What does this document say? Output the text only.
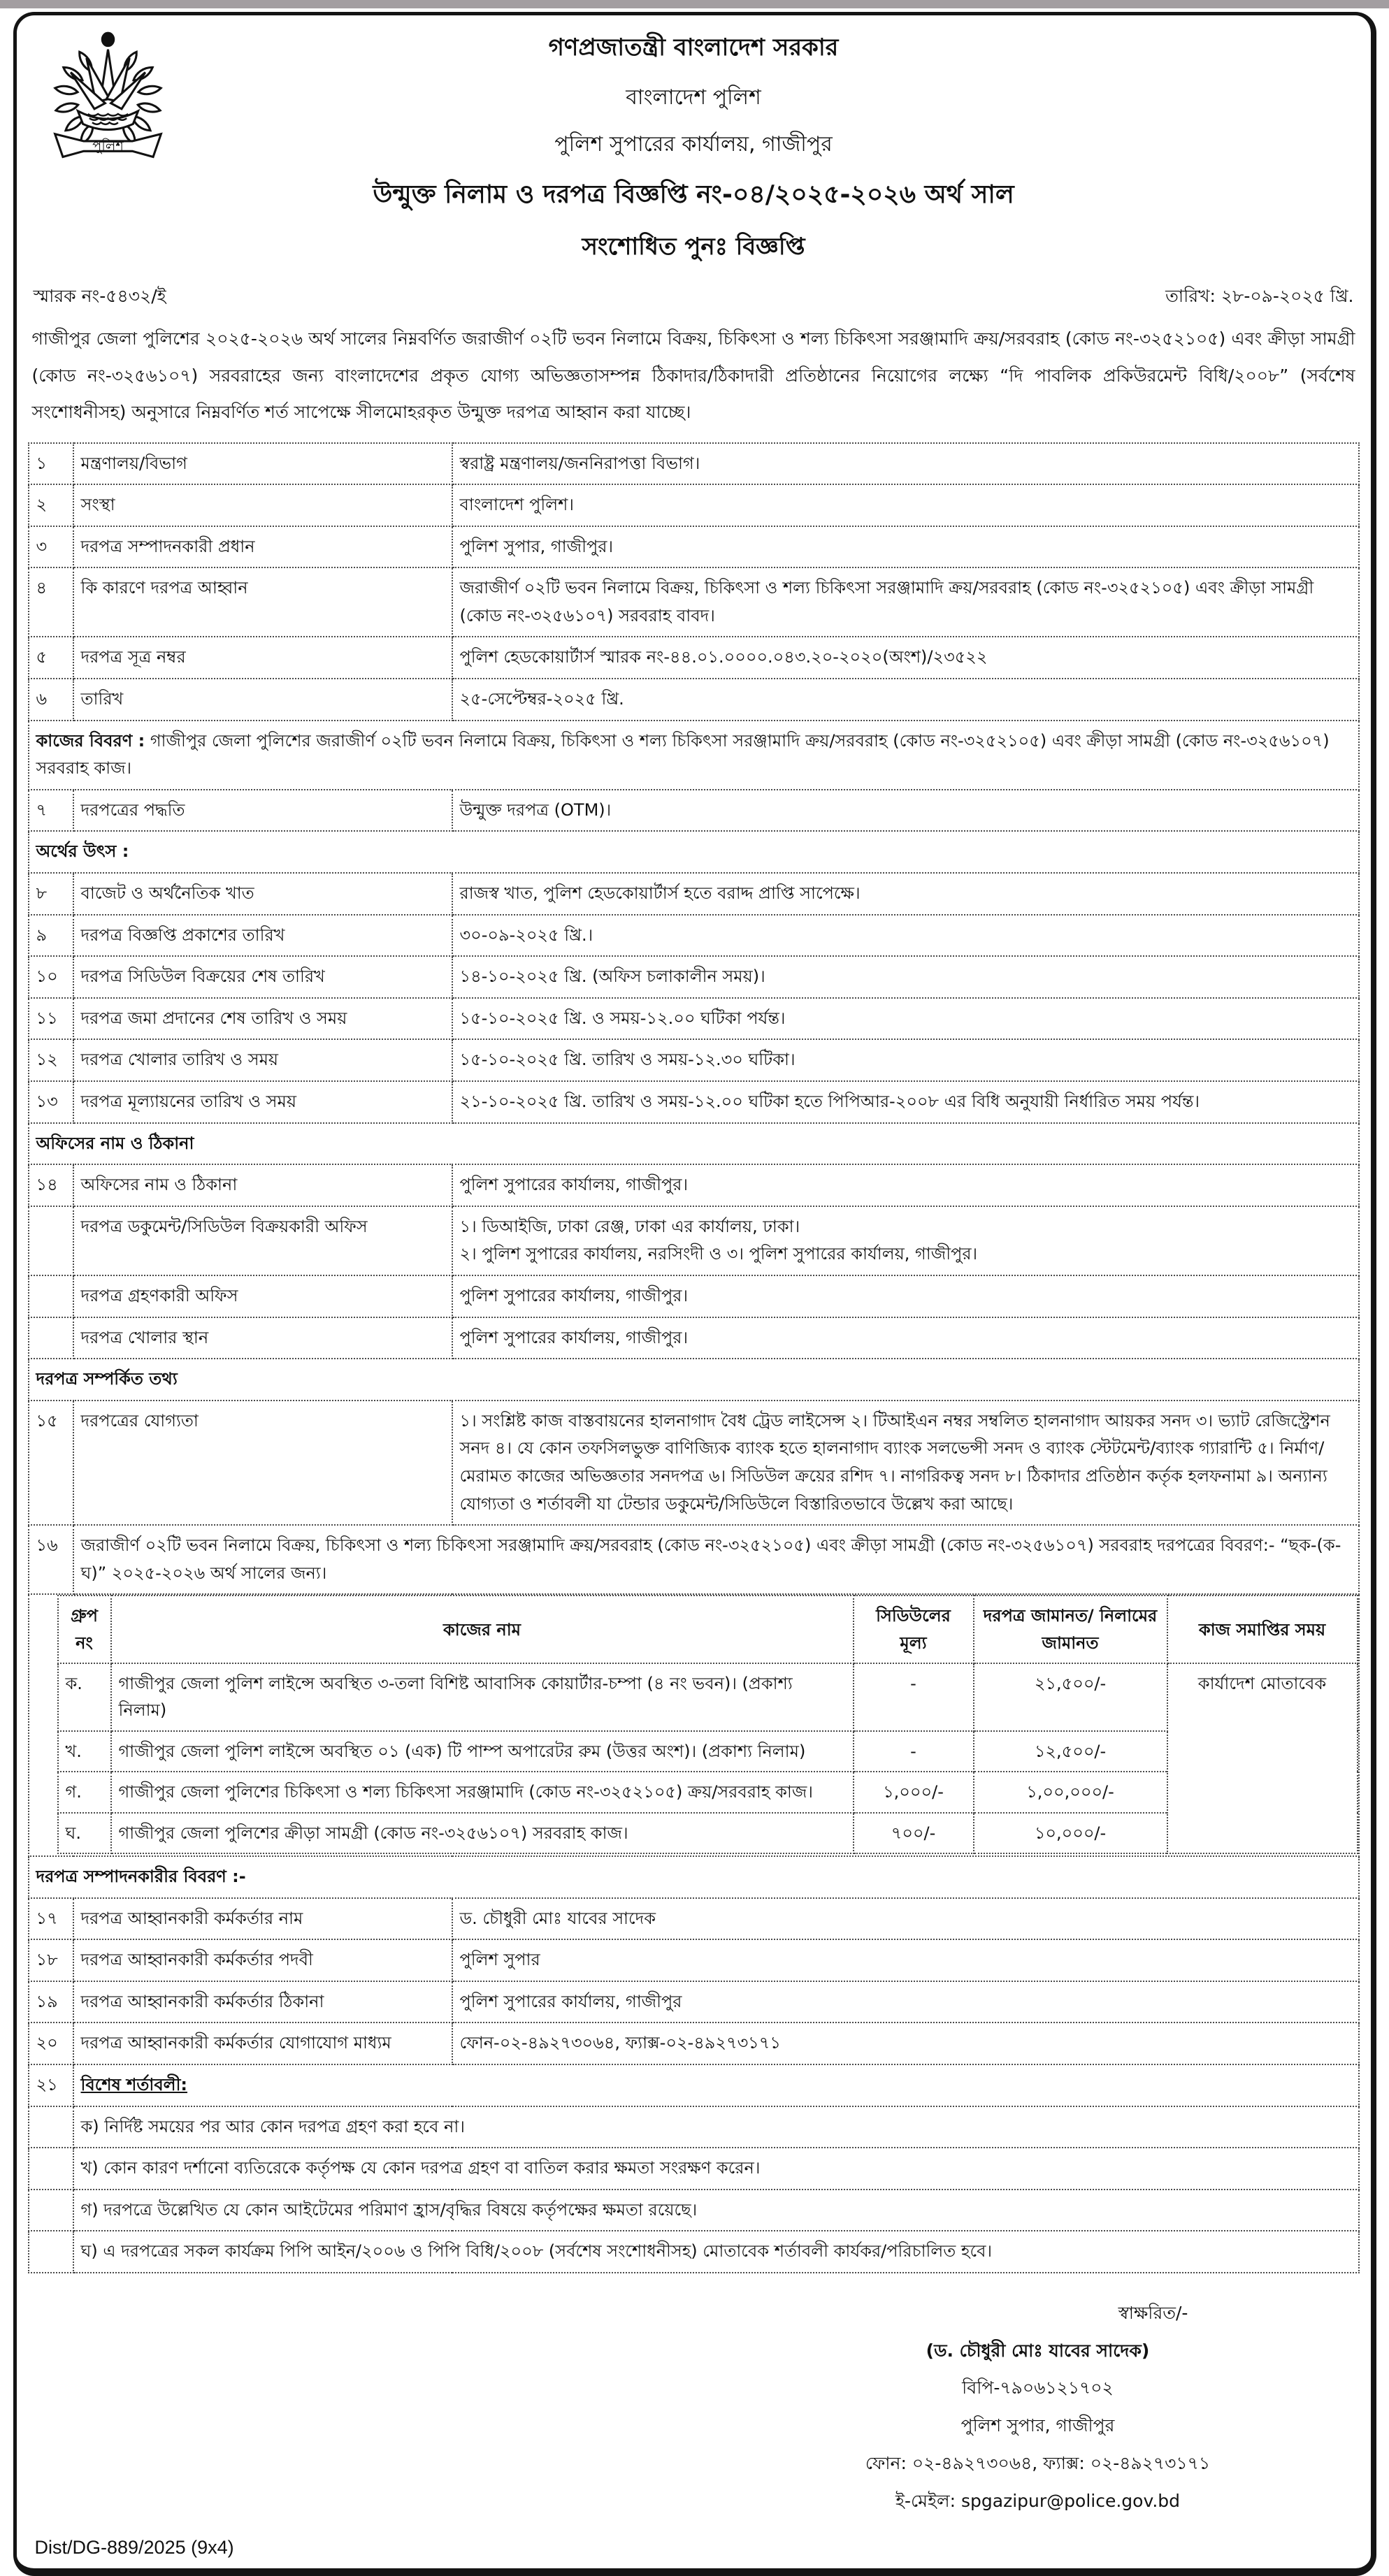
পুলিশ
গণপ্রজাতন্ত্রী বাংলাদেশ সরকার
বাংলাদেশ পুলিশ
পুলিশ সুপারের কার্যালয়, গাজীপুর
উন্মুক্ত নিলাম ও দরপত্র বিজ্ঞপ্তি নং-০৪/২০২৫-২০২৬ অর্থ সাল
সংশোধিত পুনঃ বিজ্ঞপ্তি
স্মারক নং-৫৪৩২/ই	তারিখ: ২৮-০৯-২০২৫ খ্রি.
গাজীপুর জেলা পুলিশের ২০২৫-২০২৬ অর্থ সালের নিম্নবর্ণিত জরাজীর্ণ ০২টি ভবন নিলামে বিক্রয়, চিকিৎসা ও শল্য চিকিৎসা সরঞ্জামাদি ক্রয়/সরবরাহ (কোড নং-৩২৫২১০৫) এবং ক্রীড়া সামগ্রী (কোড নং-৩২৫৬১০৭) সরবরাহের জন্য বাংলাদেশের প্রকৃত যোগ্য অভিজ্ঞতাসম্পন্ন ঠিকাদার/ঠিকাদারী প্রতিষ্ঠানের নিয়োগের লক্ষ্যে “দি পাবলিক প্রকিউরমেন্ট বিধি/২০০৮” (সর্বশেষ সংশোধনীসহ) অনুসারে নিম্নবর্ণিত শর্ত সাপেক্ষে সীলমোহরকৃত উন্মুক্ত দরপত্র আহ্বান করা যাচ্ছে।
১	মন্ত্রণালয়/বিভাগ	স্বরাষ্ট্র মন্ত্রণালয়/জননিরাপত্তা বিভাগ।
২	সংস্থা	বাংলাদেশ পুলিশ।
৩	দরপত্র সম্পাদনকারী প্রধান	পুলিশ সুপার, গাজীপুর।
৪	কি কারণে দরপত্র আহ্বান	জরাজীর্ণ ০২টি ভবন নিলামে বিক্রয়, চিকিৎসা ও শল্য চিকিৎসা সরঞ্জামাদি ক্রয়/সরবরাহ (কোড নং-৩২৫২১০৫) এবং ক্রীড়া সামগ্রী (কোড নং-৩২৫৬১০৭) সরবরাহ বাবদ।
৫	দরপত্র সূত্র নম্বর	পুলিশ হেডকোয়ার্টার্স স্মারক নং-৪৪.০১.০০০০.০৪৩.২০-২০২০(অংশ)/২৩৫২২
৬	তারিখ	২৫-সেপ্টেম্বর-২০২৫ খ্রি.
কাজের বিবরণ : গাজীপুর জেলা পুলিশের জরাজীর্ণ ০২টি ভবন নিলামে বিক্রয়, চিকিৎসা ও শল্য চিকিৎসা সরঞ্জামাদি ক্রয়/সরবরাহ (কোড নং-৩২৫২১০৫) এবং ক্রীড়া সামগ্রী (কোড নং-৩২৫৬১০৭) সরবরাহ কাজ।
৭	দরপত্রের পদ্ধতি	উন্মুক্ত দরপত্র (OTM)।
অর্থের উৎস :
৮	বাজেট ও অর্থনৈতিক খাত	রাজস্ব খাত, পুলিশ হেডকোয়ার্টার্স হতে বরাদ্দ প্রাপ্তি সাপেক্ষে।
৯	দরপত্র বিজ্ঞপ্তি প্রকাশের তারিখ	৩০-০৯-২০২৫ খ্রি.।
১০	দরপত্র সিডিউল বিক্রয়ের শেষ তারিখ	১৪-১০-২০২৫ খ্রি. (অফিস চলাকালীন সময়)।
১১	দরপত্র জমা প্রদানের শেষ তারিখ ও সময়	১৫-১০-২০২৫ খ্রি. ও সময়-১২.০০ ঘটিকা পর্যন্ত।
১২	দরপত্র খোলার তারিখ ও সময়	১৫-১০-২০২৫ খ্রি. তারিখ ও সময়-১২.৩০ ঘটিকা।
১৩	দরপত্র মূল্যায়নের তারিখ ও সময়	২১-১০-২০২৫ খ্রি. তারিখ ও সময়-১২.০০ ঘটিকা হতে পিপিআর-২০০৮ এর বিধি অনুযায়ী নির্ধারিত সময় পর্যন্ত।
অফিসের নাম ও ঠিকানা
১৪	অফিসের নাম ও ঠিকানা	পুলিশ সুপারের কার্যালয়, গাজীপুর।
	দরপত্র ডকুমেন্ট/সিডিউল বিক্রয়কারী অফিস	১। ডিআইজি, ঢাকা রেঞ্জ, ঢাকা এর কার্যালয়, ঢাকা।
২। পুলিশ সুপারের কার্যালয়, নরসিংদী ও ৩। পুলিশ সুপারের কার্যালয়, গাজীপুর।

	দরপত্র গ্রহণকারী অফিস	পুলিশ সুপারের কার্যালয়, গাজীপুর।
	দরপত্র খোলার স্থান	পুলিশ সুপারের কার্যালয়, গাজীপুর।
দরপত্র সম্পর্কিত তথ্য
১৫	দরপত্রের যোগ্যতা	১। সংশ্লিষ্ট কাজ বাস্তবায়নের হালনাগাদ বৈধ ট্রেড লাইসেন্স ২। টিআইএন নম্বর সম্বলিত হালনাগাদ আয়কর সনদ ৩। ভ্যাট রেজিস্ট্রেশন সনদ ৪। যে কোন তফসিলভুক্ত বাণিজ্যিক ব্যাংক হতে হালনাগাদ ব্যাংক সলভেন্সী সনদ ও ব্যাংক স্টেটমেন্ট/ব্যাংক গ্যারান্টি ৫। নির্মাণ/মেরামত কাজের অভিজ্ঞতার সনদপত্র ৬। সিডিউল ক্রয়ের রশিদ ৭। নাগরিকত্ব সনদ ৮। ঠিকাদার প্রতিষ্ঠান কর্তৃক হলফনামা ৯। অন্যান্য যোগ্যতা ও শর্তাবলী যা টেন্ডার ডকুমেন্ট/সিডিউলে বিস্তারিতভাবে উল্লেখ করা আছে।
১৬	জরাজীর্ণ ০২টি ভবন নিলামে বিক্রয়, চিকিৎসা ও শল্য চিকিৎসা সরঞ্জামাদি ক্রয়/সরবরাহ (কোড নং-৩২৫২১০৫) এবং ক্রীড়া সামগ্রী (কোড নং-৩২৫৬১০৭) সরবরাহ দরপত্রের বিবরণ:- “ছক-(ক-ঘ)” ২০২৫-২০২৬ অর্থ সালের জন্য।

গ্রুপ নং	কাজের নাম	সিডিউলের মূল্য	দরপত্র জামানত/ নিলামের জামানত	কাজ সমাপ্তির সময়
ক.	গাজীপুর জেলা পুলিশ লাইন্সে অবস্থিত ৩-তলা বিশিষ্ট আবাসিক কোয়ার্টার-চম্পা (৪ নং ভবন)। (প্রকাশ্য নিলাম)	-	২১,৫০০/-	কার্যাদেশ মোতাবেক
খ.	গাজীপুর জেলা পুলিশ লাইন্সে অবস্থিত ০১ (এক) টি পাম্প অপারেটর রুম (উত্তর অংশ)। (প্রকাশ্য নিলাম)	-	১২,৫০০/-
গ.	গাজীপুর জেলা পুলিশের চিকিৎসা ও শল্য চিকিৎসা সরঞ্জামাদি (কোড নং-৩২৫২১০৫) ক্রয়/সরবরাহ কাজ।	১,০০০/-	১,০০,০০০/-
ঘ.	গাজীপুর জেলা পুলিশের ক্রীড়া সামগ্রী (কোড নং-৩২৫৬১০৭) সরবরাহ কাজ।	৭০০/-	১০,০০০/-

দরপত্র সম্পাদনকারীর বিবরণ :-
১৭	দরপত্র আহ্বানকারী কর্মকর্তার নাম	ড. চৌধুরী মোঃ যাবের সাদেক
১৮	দরপত্র আহ্বানকারী কর্মকর্তার পদবী	পুলিশ সুপার
১৯	দরপত্র আহ্বানকারী কর্মকর্তার ঠিকানা	পুলিশ সুপারের কার্যালয়, গাজীপুর
২০	দরপত্র আহ্বানকারী কর্মকর্তার যোগাযোগ মাধ্যম	ফোন-০২-৪৯২৭৩০৬৪, ফ্যাক্স-০২-৪৯২৭৩১৭১
২১	বিশেষ শর্তাবলী:
	ক) নির্দিষ্ট সময়ের পর আর কোন দরপত্র গ্রহণ করা হবে না।
	খ) কোন কারণ দর্শানো ব্যতিরেকে কর্তৃপক্ষ যে কোন দরপত্র গ্রহণ বা বাতিল করার ক্ষমতা সংরক্ষণ করেন।
	গ) দরপত্রে উল্লেখিত যে কোন আইটেমের পরিমাণ হ্রাস/বৃদ্ধির বিষয়ে কর্তৃপক্ষের ক্ষমতা রয়েছে।
	ঘ) এ দরপত্রের সকল কার্যক্রম পিপি আইন/২০০৬ ও পিপি বিধি/২০০৮ (সর্বশেষ সংশোধনীসহ) মোতাবেক শর্তাবলী কার্যকর/পরিচালিত হবে।
স্বাক্ষরিত/-
(ড. চৌধুরী মোঃ যাবের সাদেক)
বিপি-৭৯০৬১২১৭০২
পুলিশ সুপার, গাজীপুর
ফোন: ০২-৪৯২৭৩০৬৪, ফ্যাক্স: ০২-৪৯২৭৩১৭১
ই-মেইল: spgazipur@police.gov.bd
Dist/DG-889/2025 (9x4)
